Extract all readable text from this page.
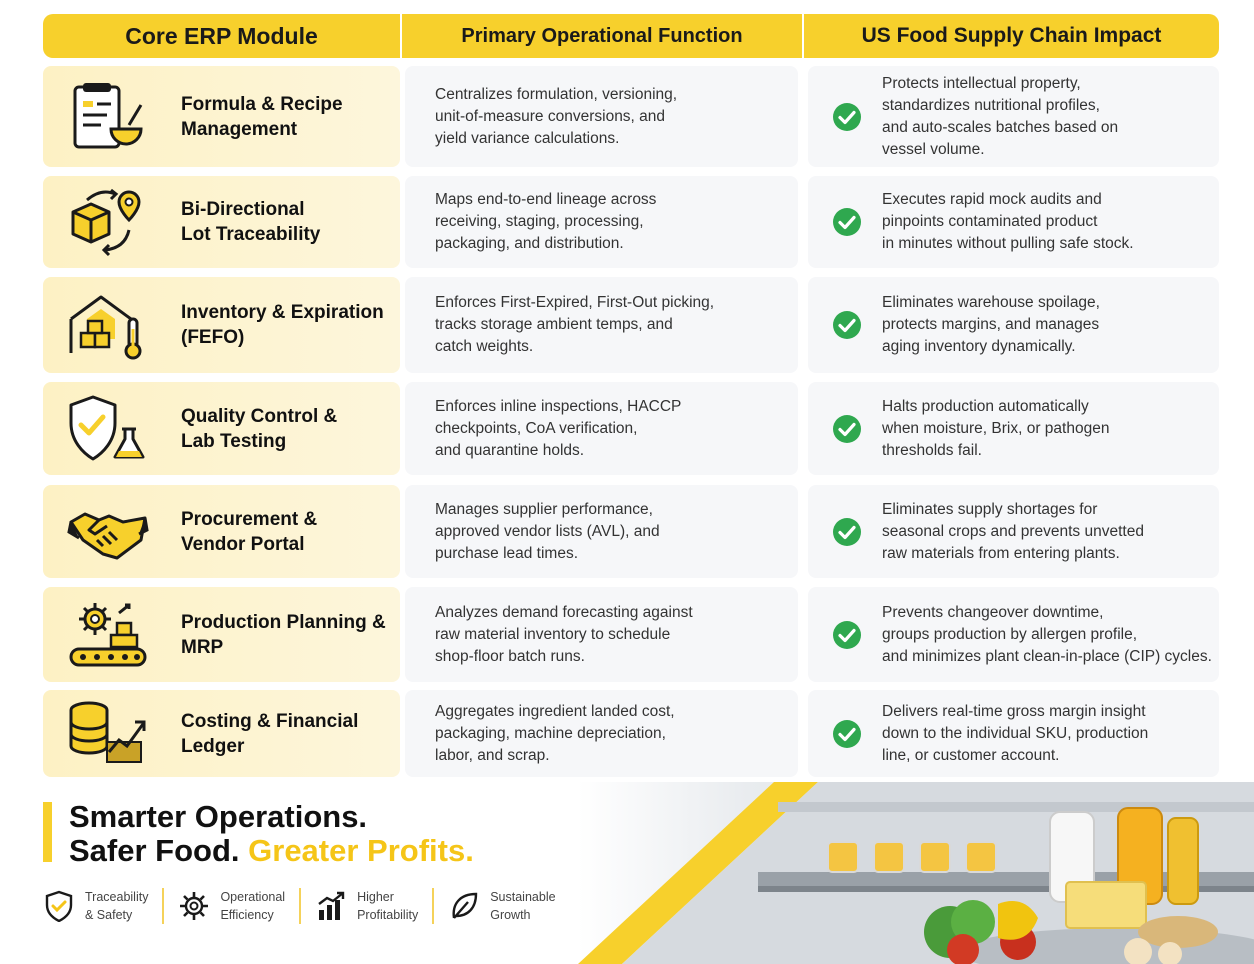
Core ERP Module	Primary Operational Function	US Food Supply Chain Impact
Formula & Recipe
Management
Centralizes formulation, versioning,
unit-of-measure conversions, and
yield variance calculations.
Protects intellectual property,
standardizes nutritional profiles,
and auto-scales batches based on
vessel volume.
Bi-Directional
Lot Traceability
Maps end-to-end lineage across
receiving, staging, processing,
packaging, and distribution.
Executes rapid mock audits and
pinpoints contaminated product
in minutes without pulling safe stock.
Inventory & Expiration
(FEFO)
Enforces First-Expired, First-Out picking,
tracks storage ambient temps, and
catch weights.
Eliminates warehouse spoilage,
protects margins, and manages
aging inventory dynamically.
Quality Control &
Lab Testing
Enforces inline inspections, HACCP
checkpoints, CoA verification,
and quarantine holds.
Halts production automatically
when moisture, Brix, or pathogen
thresholds fail.
Procurement &
Vendor Portal
Manages supplier performance,
approved vendor lists (AVL), and
purchase lead times.
Eliminates supply shortages for
seasonal crops and prevents unvetted
raw materials from entering plants.
Production Planning &
MRP
Analyzes demand forecasting against
raw material inventory to schedule
shop-floor batch runs.
Prevents changeover downtime,
groups production by allergen profile,
and minimizes plant clean-in-place (CIP) cycles.
Costing & Financial
Ledger
Aggregates ingredient landed cost,
packaging, machine depreciation,
labor, and scrap.
Delivers real-time gross margin insight
down to the individual SKU, production
line, or customer account.
Smarter Operations.
Safer Food. Greater Profits.
Traceability
& Safety
Operational
Efficiency
Higher
Profitability
Sustainable
Growth
